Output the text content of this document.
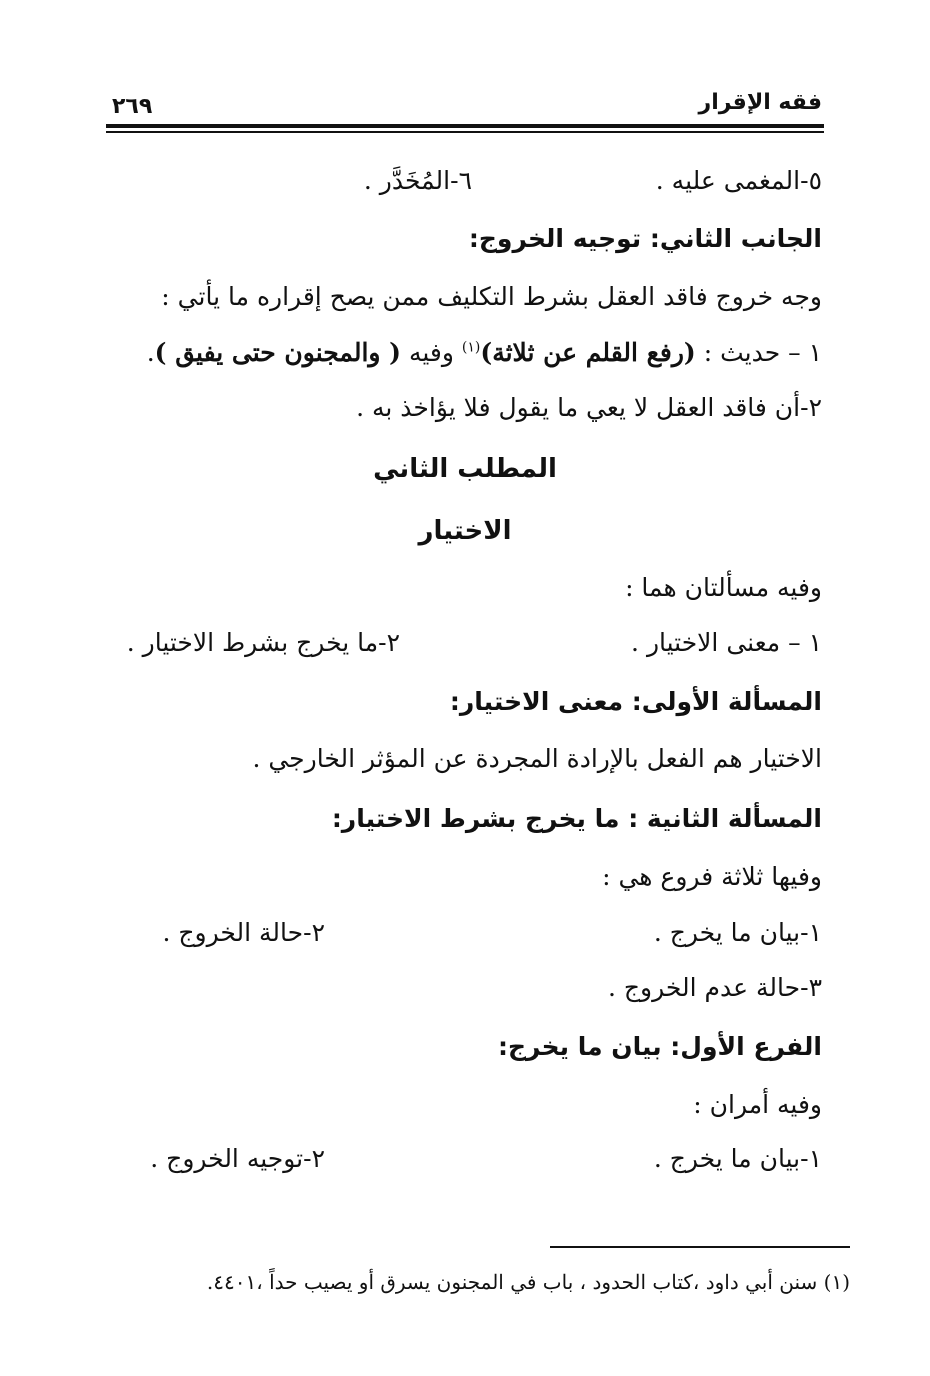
فقه الإقرار
٢٦٩
٥-المغمى عليه .
٦-المُخَدَّر .
الجانب الثاني: توجيه الخروج:
وجه خروج فاقد العقل بشرط التكليف ممن يصح إقراره ما يأتي :
١ – حديث : (رفع القلم عن ثلاثة)$^{(١)}$ وفيه ( والمجنون حتى يفيق ).
٢-أن فاقد العقل لا يعي ما يقول فلا يؤاخذ به .
المطلب الثاني
الاختيار
وفيه مسألتان هما :
١ – معنى الاختيار .
٢-ما يخرج بشرط الاختيار .
المسألة الأولى: معنى الاختيار:
الاختيار هم الفعل بالإرادة المجردة عن المؤثر الخارجي .
المسألة الثانية : ما يخرج بشرط الاختيار:
وفيها ثلاثة فروع هي :
١-بيان ما يخرج .
٢-حالة الخروج .
٣-حالة عدم الخروج .
الفرع الأول: بيان ما يخرج:
وفيه أمران :
١-بيان ما يخرج .
٢-توجيه الخروج .
(١) سنن أبي داود ،كتاب الحدود ، باب في المجنون يسرق أو يصيب حداً ،٤٤٠١.
